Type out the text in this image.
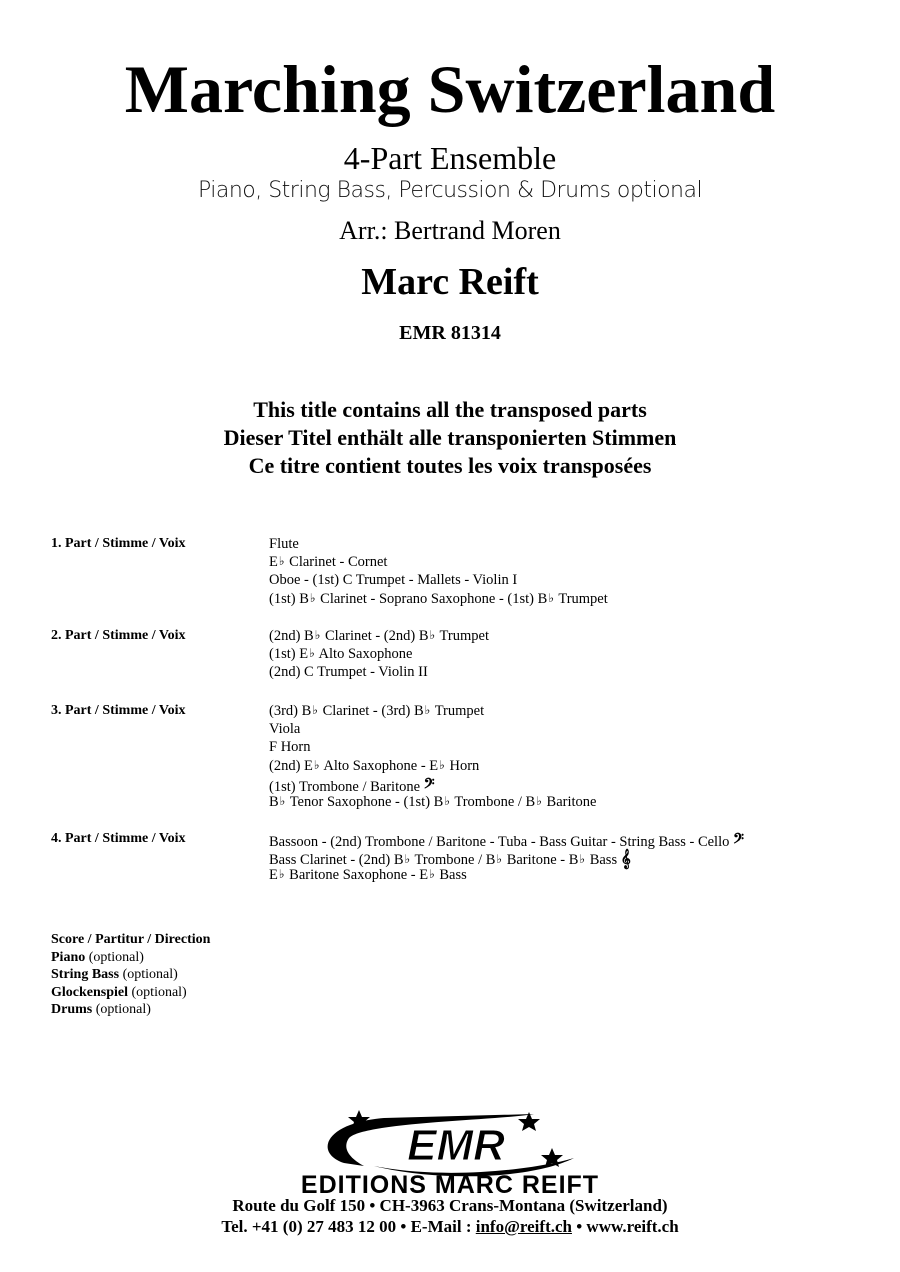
Marching Switzerland
4-Part Ensemble
Piano, String Bass, Percussion & Drums optional
Arr.: Bertrand Moren
Marc Reift
EMR 81314
This title contains all the transposed parts
Dieser Titel enthält alle transponierten Stimmen
Ce titre contient toutes les voix transposées
1. Part / Stimme / Voix	Flute
E♭ Clarinet - Cornet
Oboe - (1st) C Trumpet - Mallets - Violin I
(1st) B♭ Clarinet - Soprano Saxophone - (1st) B♭ Trumpet
2. Part / Stimme / Voix	(2nd) B♭ Clarinet - (2nd) B♭ Trumpet
(1st) E♭ Alto Saxophone
(2nd) C Trumpet - Violin II
3. Part / Stimme / Voix	(3rd) B♭ Clarinet - (3rd) B♭ Trumpet
Viola
F Horn
(2nd) E♭ Alto Saxophone - E♭ Horn
(1st) Trombone / Baritone 𝄢
B♭ Tenor Saxophone - (1st) B♭ Trombone / B♭ Baritone
4. Part / Stimme / Voix	Bassoon - (2nd) Trombone / Baritone - Tuba - Bass Guitar - String Bass - Cello 𝄢
Bass Clarinet - (2nd) B♭ Trombone / B♭ Baritone - B♭ Bass 𝄞
E♭ Baritone Saxophone - E♭ Bass
Score / Partitur / Direction
Piano (optional)
String Bass (optional)
Glockenspiel (optional)
Drums (optional)
EMR
EDITIONS MARC REIFT
Route du Golf 150 • CH-3963 Crans-Montana (Switzerland)
Tel. +41 (0) 27 483 12 00 • E-Mail : info@reift.ch • www.reift.ch
